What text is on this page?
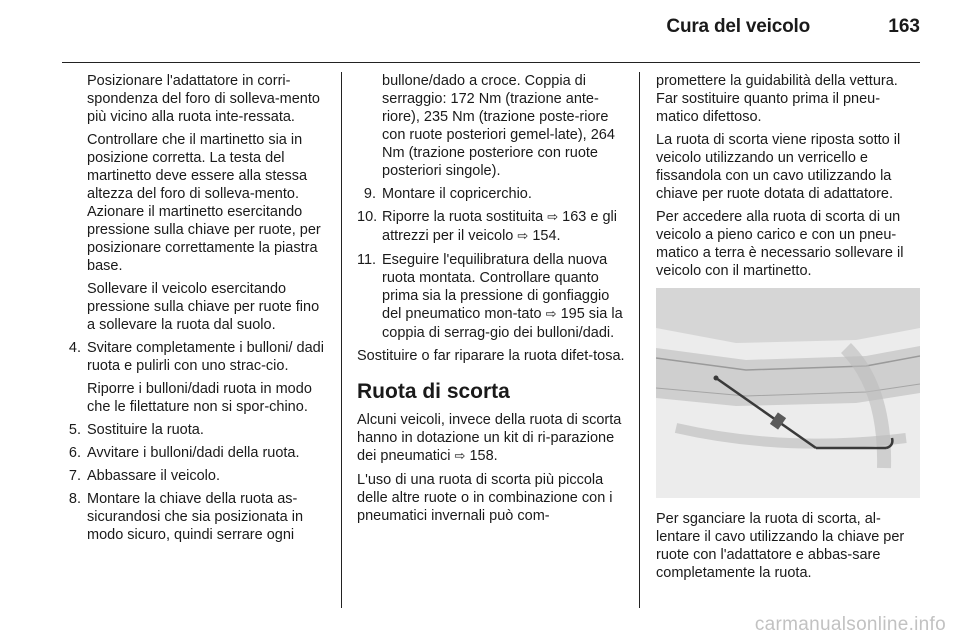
Cura del veicolo	163

Posizionare l'adattatore in corri-spondenza del foro di solleva-mento più vicino alla ruota inte-ressata.

Controllare che il martinetto sia in posizione corretta. La testa del martinetto deve essere alla stessa altezza del foro di solleva-mento. Azionare il martinetto esercitando pressione sulla chiave per ruote, per posizionare correttamente la piastra base.

Sollevare il veicolo esercitando pressione sulla chiave per ruote fino a sollevare la ruota dal suolo.

4. Svitare completamente i bulloni/ dadi ruota e pulirli con uno strac-cio.

Riporre i bulloni/dadi ruota in modo che le filettature non si spor-chino.

5. Sostituire la ruota.
6. Avvitare i bulloni/dadi della ruota.
7. Abbassare il veicolo.
8. Montare la chiave della ruota as-sicurandosi che sia posizionata in modo sicuro, quindi serrare ogni

bullone/dado a croce. Coppia di serraggio: 172 Nm (trazione ante-riore), 235 Nm (trazione poste-riore con ruote posteriori gemel-late), 264 Nm (trazione posteriore con ruote posteriori singole).

9. Montare il copricerchio.
10. Riporre la ruota sostituita ⇨ 163 e gli attrezzi per il veicolo ⇨ 154.
11. Eseguire l'equilibratura della nuova ruota montata. Controllare quanto prima sia la pressione di gonfiaggio del pneumatico mon-tato ⇨ 195 sia la coppia di serrag-gio dei bulloni/dadi.

Sostituire o far riparare la ruota difet-tosa.

Ruota di scorta

Alcuni veicoli, invece della ruota di scorta hanno in dotazione un kit di ri-parazione dei pneumatici ⇨ 158.

L'uso di una ruota di scorta più piccola delle altre ruote o in combinazione con i pneumatici invernali può com-

promettere la guidabilità della vettura. Far sostituire quanto prima il pneu-matico difettoso.

La ruota di scorta viene riposta sotto il veicolo utilizzando un verricello e fissandola con un cavo utilizzando la chiave per ruote dotata di adattatore.

Per accedere alla ruota di scorta di un veicolo a pieno carico e con un pneu-matico a terra è necessario sollevare il veicolo con il martinetto.

Per sganciare la ruota di scorta, al-lentare il cavo utilizzando la chiave per ruote con l'adattatore e abbas-sare completamente la ruota.

carmanualsonline.info
